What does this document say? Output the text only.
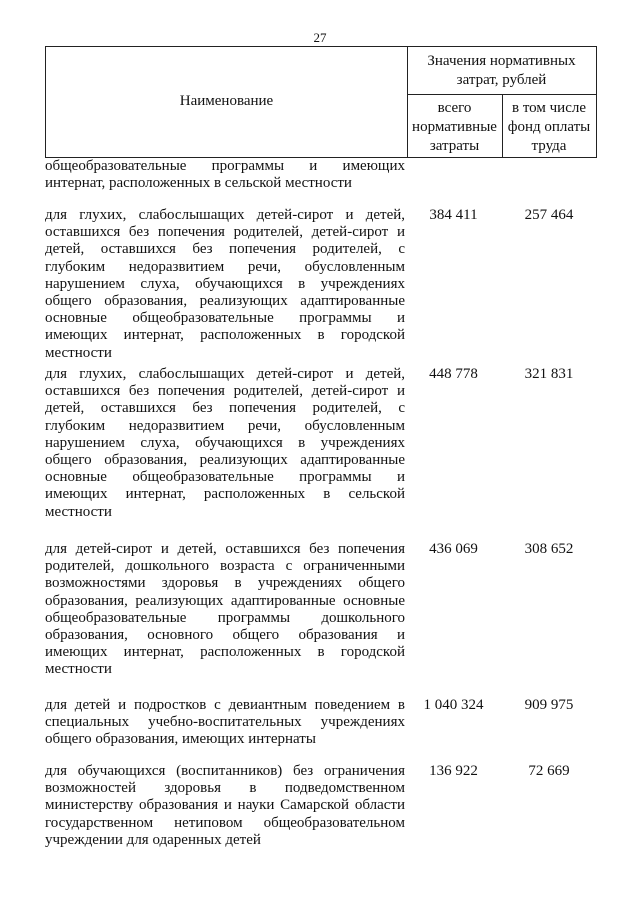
27
Наименование
Значения нормативных
затрат, рублей
всего
нормативные
затраты
в том числе
фонд оплаты
труда
общеобразовательные программы и имеющих
интернат, расположенных в сельской местности
для глухих, слабослышащих детей-сирот и детей,
оставшихся без попечения родителей, детей-сирот и
детей, оставшихся без попечения родителей, с
глубоким недоразвитием речи, обусловленным
нарушением слуха, обучающихся в учреждениях
общего образования, реализующих адаптированные
основные общеобразовательные программы и
имеющих интернат, расположенных в городской
местности
384 411	257 464
для глухих, слабослышащих детей-сирот и детей,
оставшихся без попечения родителей, детей-сирот и
детей, оставшихся без попечения родителей, с
глубоким недоразвитием речи, обусловленным
нарушением слуха, обучающихся в учреждениях
общего образования, реализующих адаптированные
основные общеобразовательные программы и
имеющих интернат, расположенных в сельской
местности
448 778	321 831
для детей-сирот и детей, оставшихся без попечения
родителей, дошкольного возраста с ограниченными
возможностями здоровья в учреждениях общего
образования, реализующих адаптированные основные
общеобразовательные программы дошкольного
образования, основного общего образования и
имеющих интернат, расположенных в городской
местности
436 069	308 652
для детей и подростков с девиантным поведением в
специальных учебно-воспитательных учреждениях
общего образования, имеющих интернаты
1 040 324	909 975
для обучающихся (воспитанников) без ограничения
возможностей здоровья в подведомственном
министерству образования и науки Самарской области
государственном нетиповом общеобразовательном
учреждении для одаренных детей
136 922	72 669
